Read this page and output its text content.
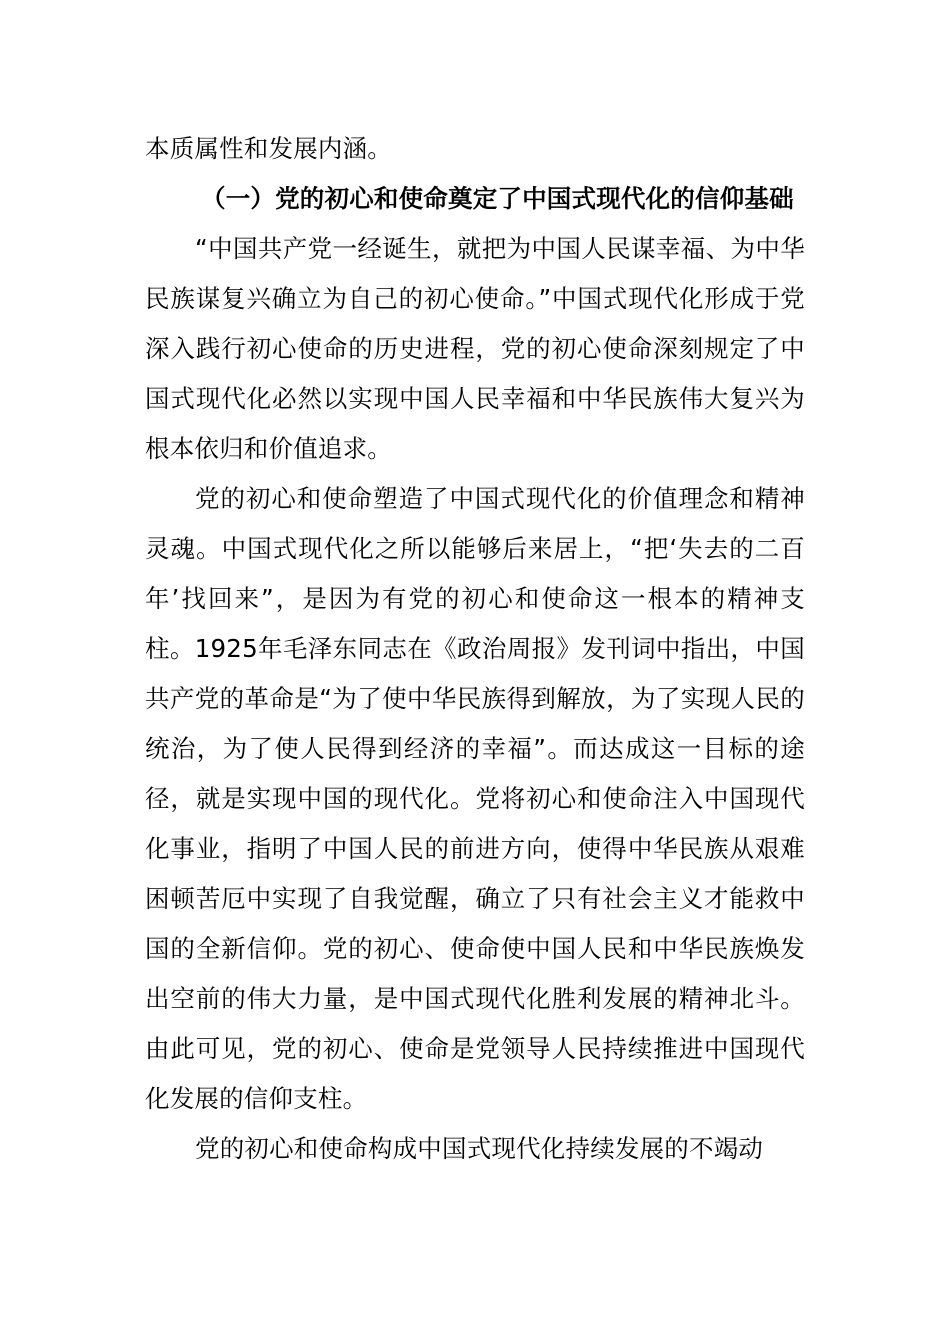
本质属性和发展内涵。

（一）党的初心和使命奠定了中国式现代化的信仰基础

“中国共产党一经诞生，就把为中国人民谋幸福、为中华民族谋复兴确立为自己的初心使命。”中国式现代化形成于党深入践行初心使命的历史进程，党的初心使命深刻规定了中国式现代化必然以实现中国人民幸福和中华民族伟大复兴为根本依归和价值追求。

党的初心和使命塑造了中国式现代化的价值理念和精神灵魂。中国式现代化之所以能够后来居上，“把‘失去的二百年’找回来”，是因为有党的初心和使命这一根本的精神支柱。1925年毛泽东同志在《政治周报》发刊词中指出，中国共产党的革命是“为了使中华民族得到解放，为了实现人民的统治，为了使人民得到经济的幸福”。而达成这一目标的途径，就是实现中国的现代化。党将初心和使命注入中国现代化事业，指明了中国人民的前进方向，使得中华民族从艰难困顿苦厄中实现了自我觉醒，确立了只有社会主义才能救中国的全新信仰。党的初心、使命使中国人民和中华民族焕发出空前的伟大力量，是中国式现代化胜利发展的精神北斗。由此可见，党的初心、使命是党领导人民持续推进中国现代化发展的信仰支柱。

党的初心和使命构成中国式现代化持续发展的不竭动
